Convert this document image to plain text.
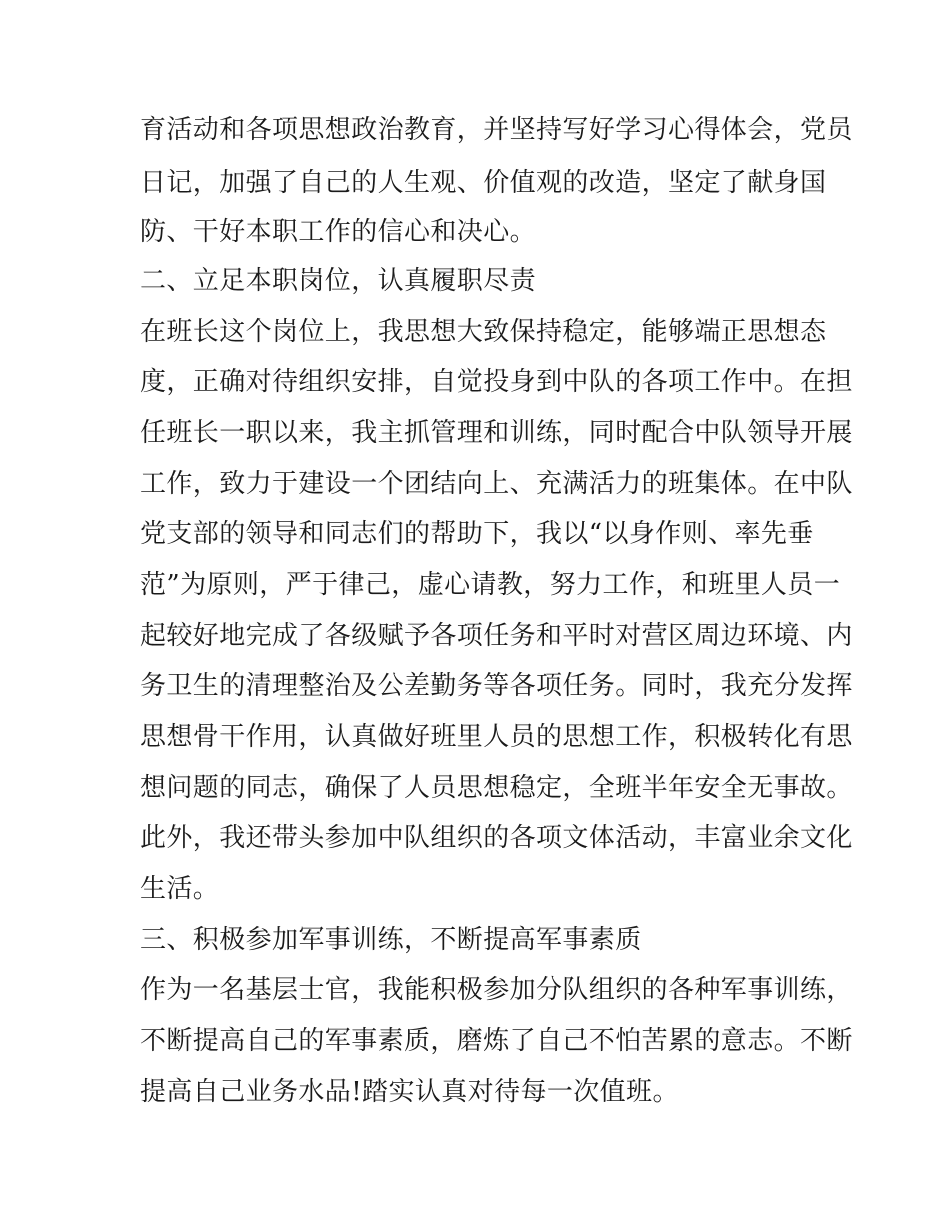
育活动和各项思想政治教育，并坚持写好学习心得体会，党员
日记，加强了自己的人生观、价值观的改造，坚定了献身国
防、干好本职工作的信心和决心。
二、立足本职岗位，认真履职尽责
在班长这个岗位上，我思想大致保持稳定，能够端正思想态
度，正确对待组织安排，自觉投身到中队的各项工作中。在担
任班长一职以来，我主抓管理和训练，同时配合中队领导开展
工作，致力于建设一个团结向上、充满活力的班集体。在中队
党支部的领导和同志们的帮助下，我以“以身作则、率先垂
范”为原则，严于律己，虚心请教，努力工作，和班里人员一
起较好地完成了各级赋予各项任务和平时对营区周边环境、内
务卫生的清理整治及公差勤务等各项任务。同时，我充分发挥
思想骨干作用，认真做好班里人员的思想工作，积极转化有思
想问题的同志，确保了人员思想稳定，全班半年安全无事故。
此外，我还带头参加中队组织的各项文体活动，丰富业余文化
生活。
三、积极参加军事训练，不断提高军事素质
作为一名基层士官，我能积极参加分队组织的各种军事训练，
不断提高自己的军事素质，磨炼了自己不怕苦累的意志。不断
提高自己业务水品!踏实认真对待每一次值班。
